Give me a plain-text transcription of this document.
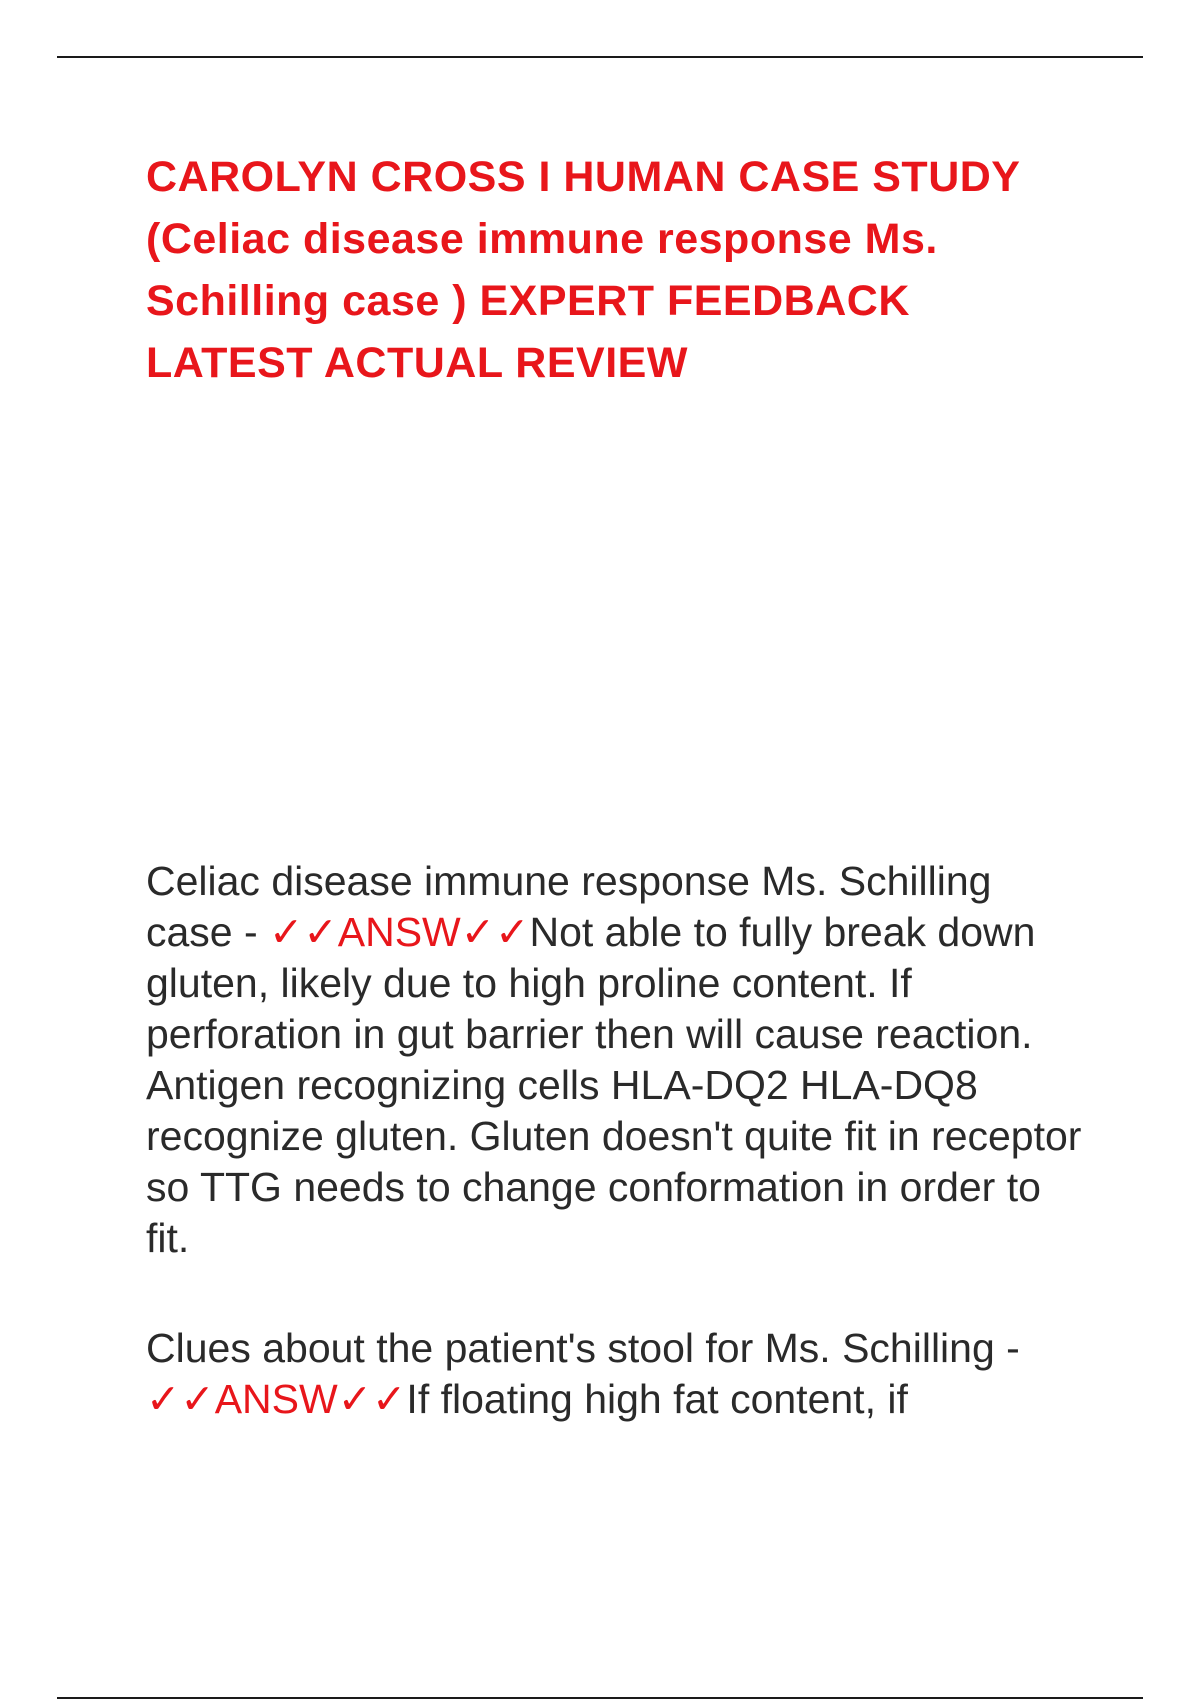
CAROLYN CROSS I HUMAN CASE STUDY (Celiac disease immune response Ms. Schilling case ) EXPERT FEEDBACK LATEST ACTUAL REVIEW

Celiac disease immune response Ms. Schilling case - ✓✓ANSW✓✓Not able to fully break down gluten, likely due to high proline content. If perforation in gut barrier then will cause reaction. Antigen recognizing cells HLA-DQ2 HLA-DQ8 recognize gluten. Gluten doesn't quite fit in receptor so TTG needs to change conformation in order to fit.

Clues about the patient's stool for Ms. Schilling - ✓✓ANSW✓✓If floating high fat content, if
